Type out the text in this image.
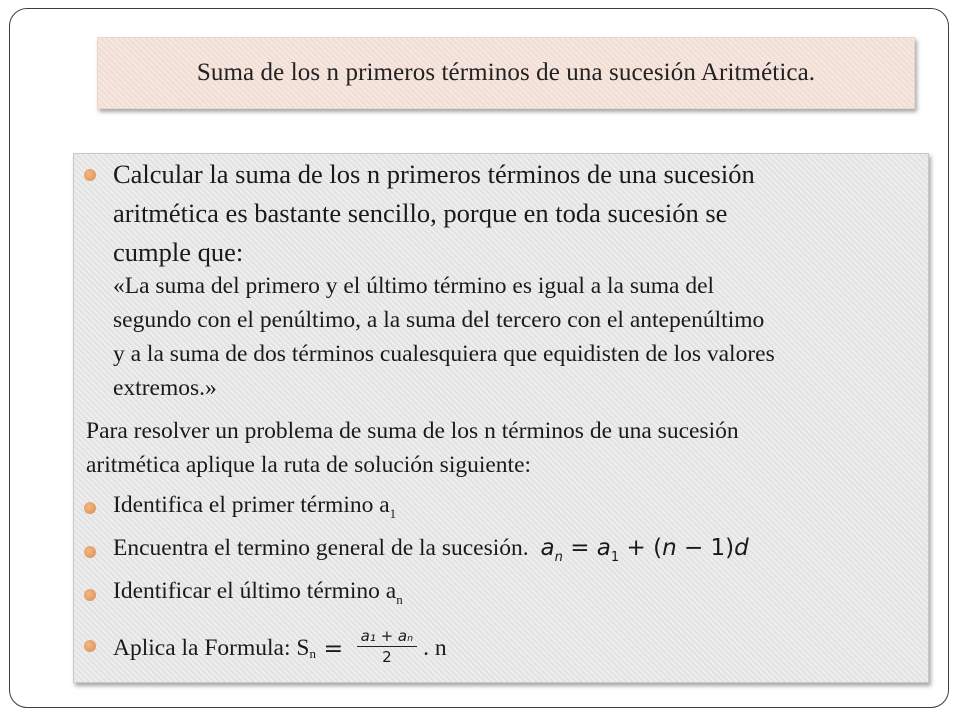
Suma de los n primeros términos de una sucesión Aritmética.
Calcular la suma de los n primeros términos de una sucesión
aritmética es bastante sencillo, porque en toda sucesión se
cumple que:
«La suma del primero y el último término es igual a la suma del
segundo con el penúltimo, a la suma del tercero con el antepenúltimo
y a la suma de dos términos cualesquiera que equidisten de los valores
extremos.»
Para resolver un problema de suma de los n términos de una sucesión
aritmética aplique la ruta de solución siguiente:
Identifica el primer término $a_1$
Encuentra el termino general de la sucesión. $a_n = a_1 + (n - 1)d$
Identificar el último término $a_n$
Aplica la Formula: S $n = \frac{\text{a₁ + aₙ}}{2}$ . n
